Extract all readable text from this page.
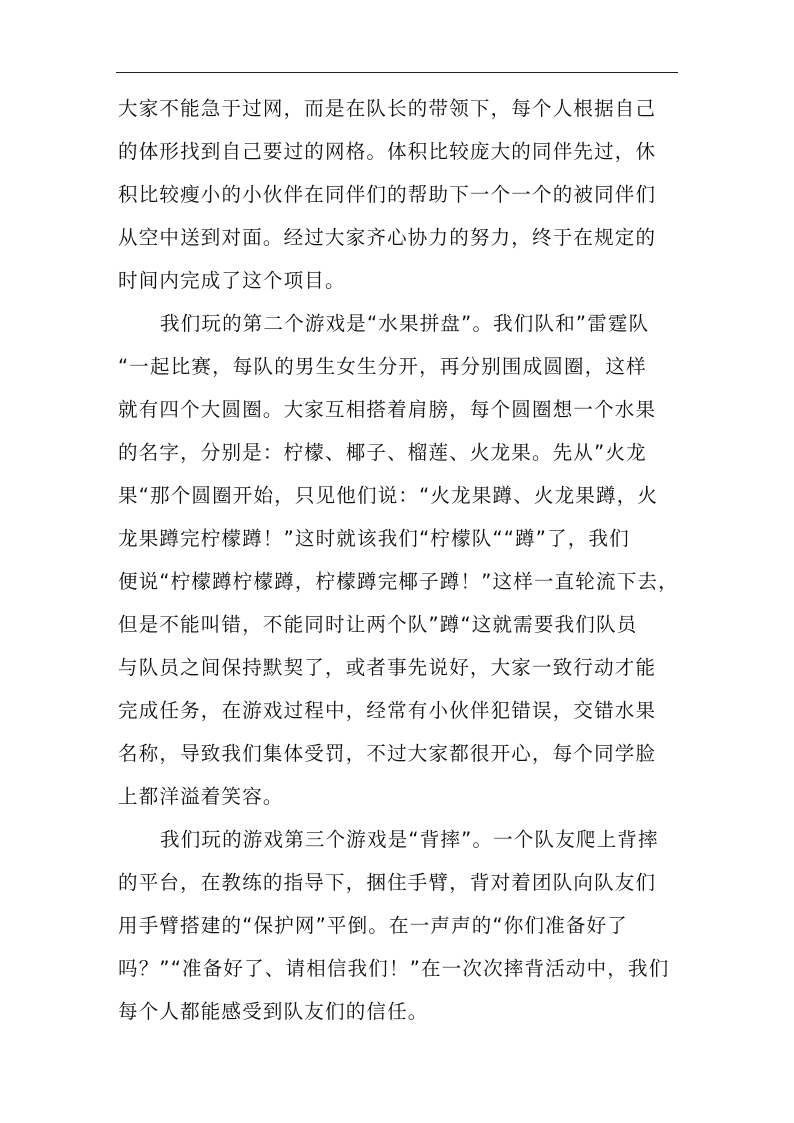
大家不能急于过网，而是在队长的带领下，每个人根据自己
的体形找到自己要过的网格。体积比较庞大的同伴先过，休
积比较瘦小的小伙伴在同伴们的帮助下一个一个的被同伴们
从空中送到对面。经过大家齐心协力的努力，终于在规定的
时间内完成了这个项目。
我们玩的第二个游戏是“水果拼盘”。我们队和”雷霆队
“一起比赛，每队的男生女生分开，再分别围成圆圈，这样
就有四个大圆圈。大家互相搭着肩膀，每个圆圈想一个水果
的名字，分别是：柠檬、椰子、榴莲、火龙果。先从”火龙
果“那个圆圈开始，只见他们说：“火龙果蹲、火龙果蹲，火
龙果蹲完柠檬蹲！”这时就该我们“柠檬队““蹲”了，我们
便说“柠檬蹲柠檬蹲，柠檬蹲完椰子蹲！”这样一直轮流下去，
但是不能叫错，不能同时让两个队”蹲“这就需要我们队员
与队员之间保持默契了，或者事先说好，大家一致行动才能
完成任务，在游戏过程中，经常有小伙伴犯错误，交错水果
名称，导致我们集体受罚，不过大家都很开心，每个同学脸
上都洋溢着笑容。
我们玩的游戏第三个游戏是“背摔”。一个队友爬上背摔
的平台，在教练的指导下，捆住手臂，背对着团队向队友们
用手臂搭建的“保护网”平倒。在一声声的“你们准备好了
吗？”“准备好了、请相信我们！”在一次次摔背活动中，我们
每个人都能感受到队友们的信任。
